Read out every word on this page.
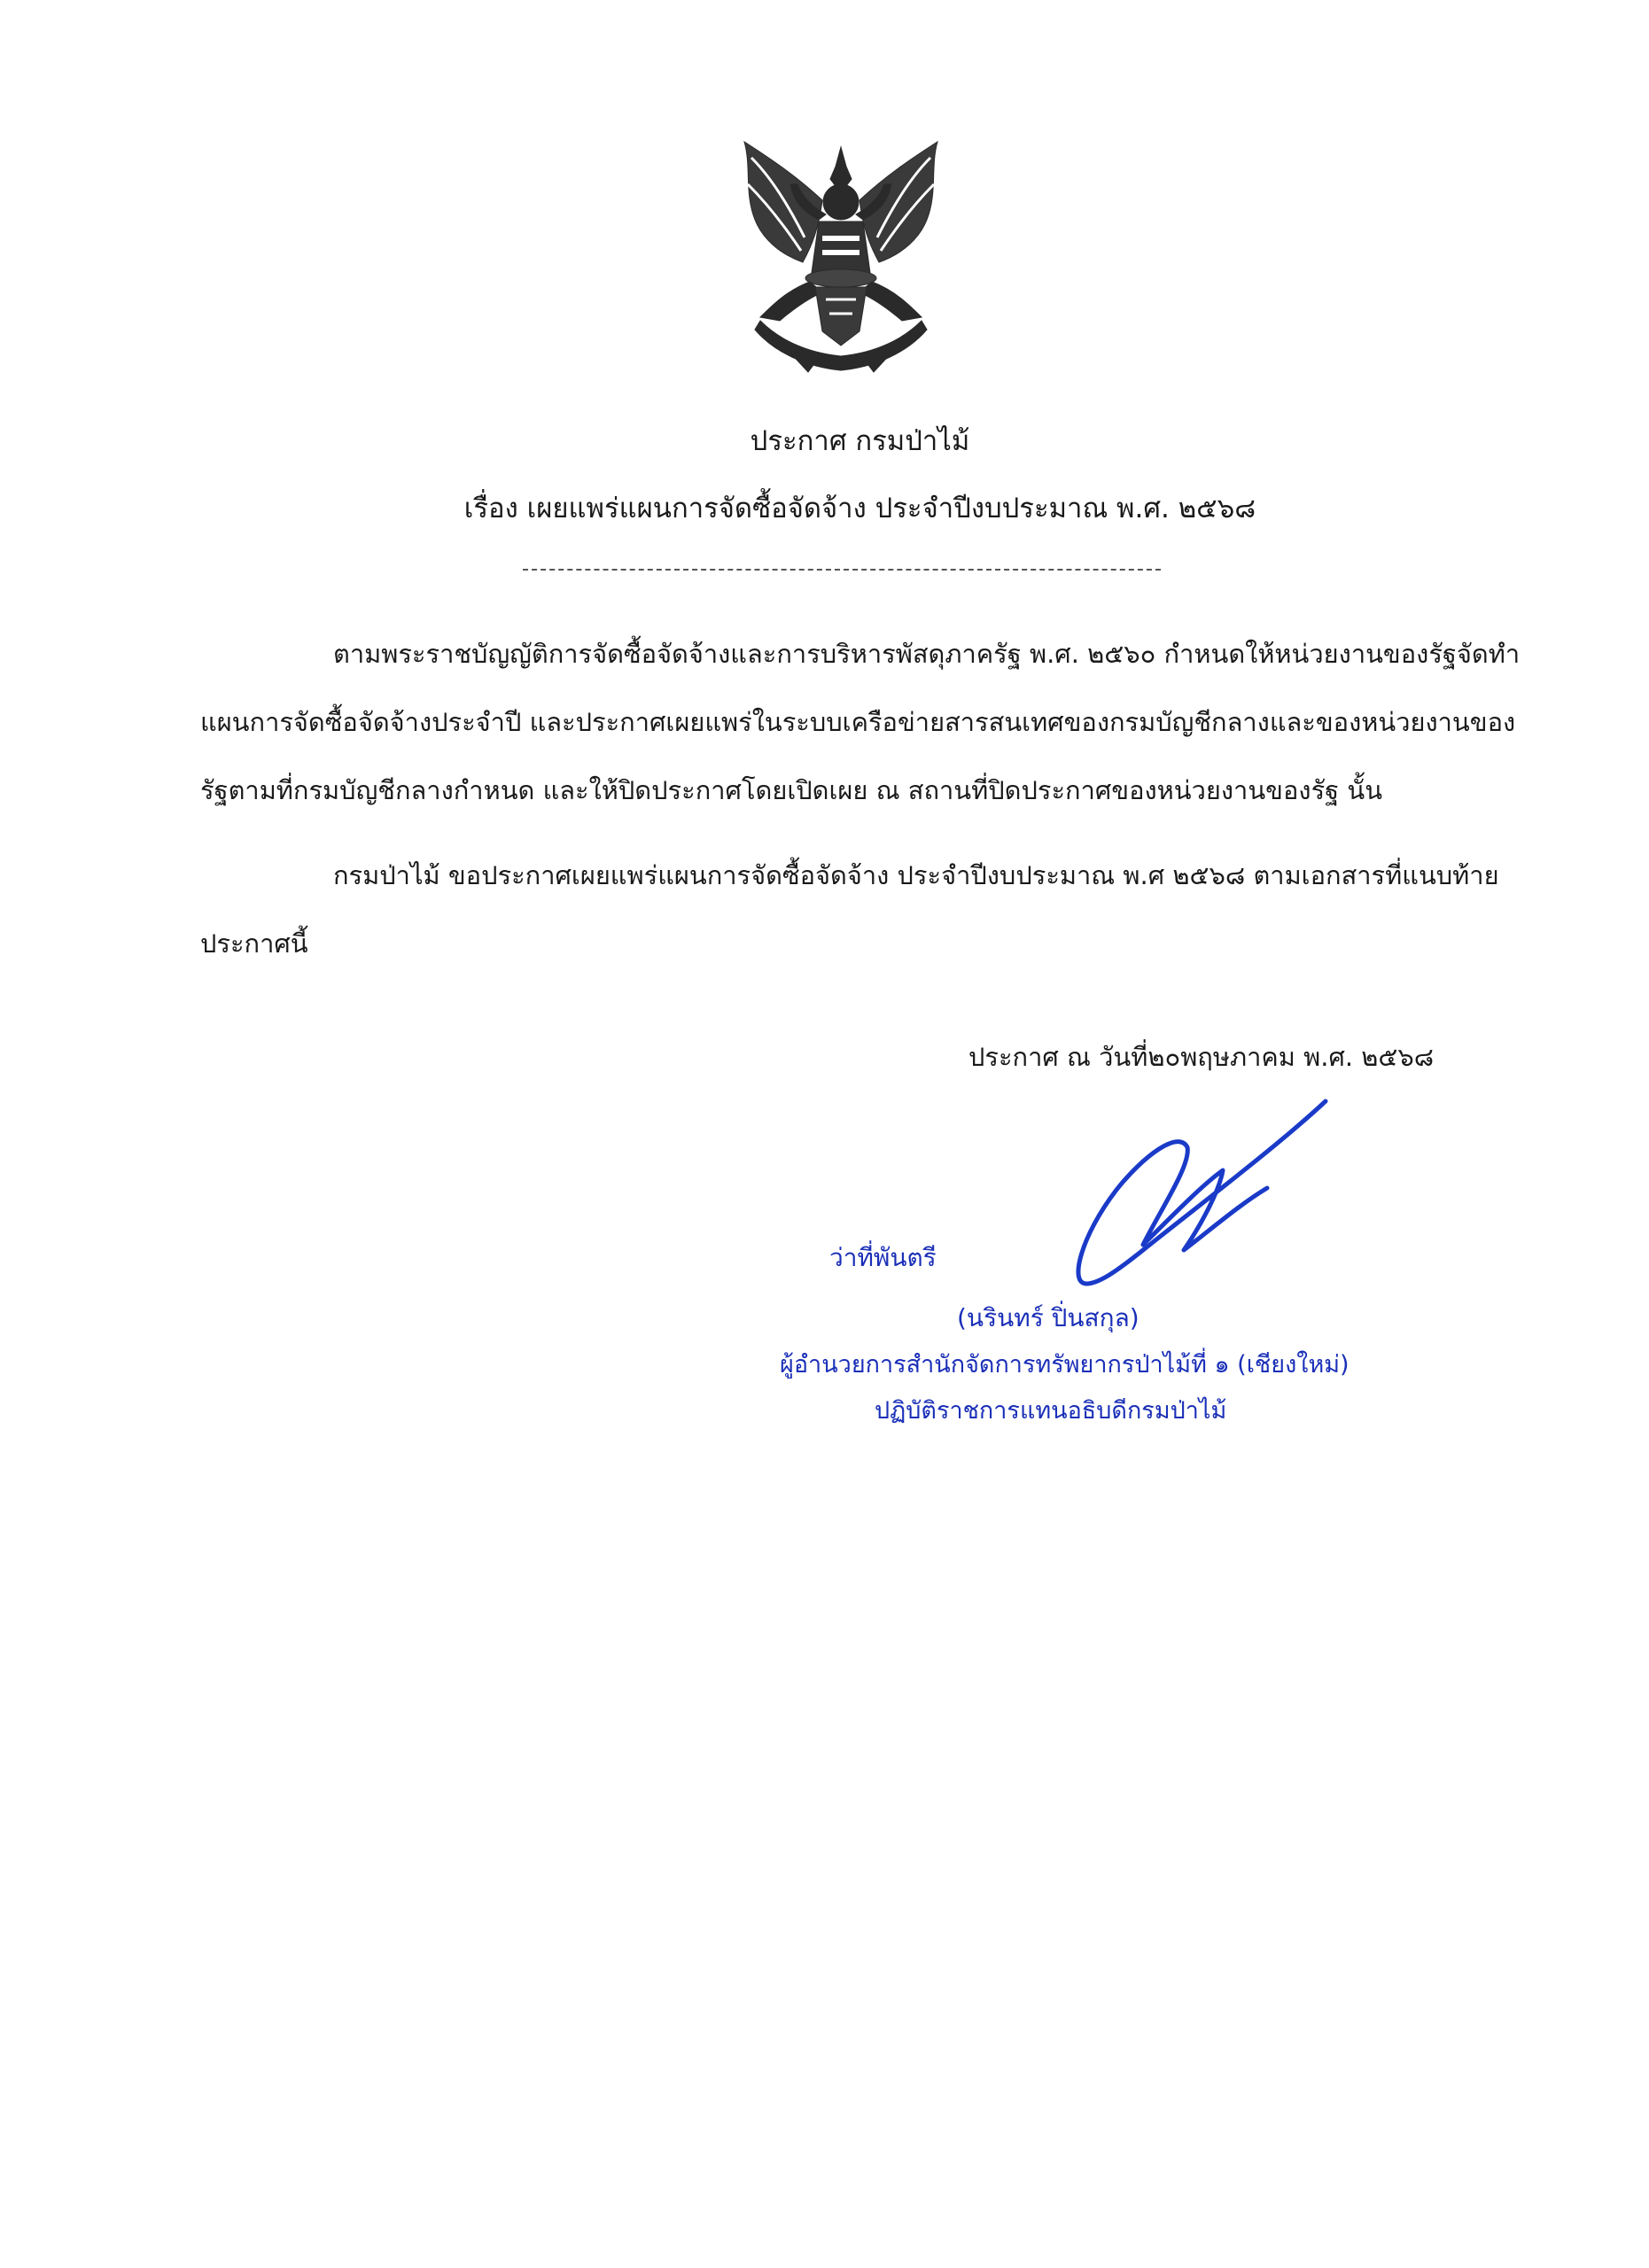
ประกาศ กรมป่าไม้
เรื่อง เผยแพร่แผนการจัดซื้อจัดจ้าง ประจำปีงบประมาณ พ.ศ. ๒๕๖๘

ตามพระราชบัญญัติการจัดซื้อจัดจ้างและการบริหารพัสดุภาครัฐ พ.ศ. ๒๕๖๐ กำหนดให้หน่วยงานของรัฐจัดทำแผนการจัดซื้อจัดจ้างประจำปี และประกาศเผยแพร่ในระบบเครือข่ายสารสนเทศของกรมบัญชีกลางและของหน่วยงานของรัฐตามที่กรมบัญชีกลางกำหนด และให้ปิดประกาศโดยเปิดเผย ณ สถานที่ปิดประกาศของหน่วยงานของรัฐ นั้น

กรมป่าไม้ ขอประกาศเผยแพร่แผนการจัดซื้อจัดจ้าง ประจำปีงบประมาณ พ.ศ ๒๕๖๘ ตามเอกสารที่แนบท้ายประกาศนี้

ประกาศ ณ วันที่๒๐พฤษภาคม พ.ศ. ๒๕๖๘
ว่าที่พันตรี
(นรินทร์ ปิ่นสกุล)
ผู้อำนวยการสำนักจัดการทรัพยากรป่าไม้ที่ ๑ (เชียงใหม่)
ปฏิบัติราชการแทนอธิบดีกรมป่าไม้
